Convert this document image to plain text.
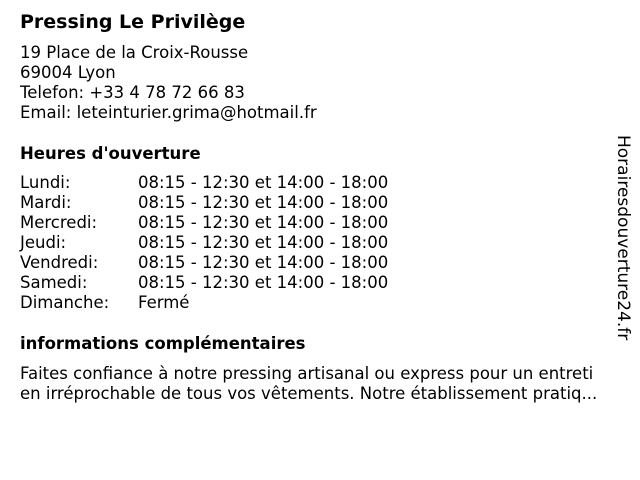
Pressing Le Privilège
19 Place de la Croix-Rousse
69004 Lyon
Telefon: +33 4 78 72 66 83
Email: leteinturier.grima@hotmail.fr
Heures d'ouverture
Lundi:	08:15 - 12:30 et 14:00 - 18:00
Mardi:	08:15 - 12:30 et 14:00 - 18:00
Mercredi:	08:15 - 12:30 et 14:00 - 18:00
Jeudi:	08:15 - 12:30 et 14:00 - 18:00
Vendredi:	08:15 - 12:30 et 14:00 - 18:00
Samedi:	08:15 - 12:30 et 14:00 - 18:00
Dimanche:	Fermé
informations complémentaires
Faites confiance à notre pressing artisanal ou express pour un entreti
en irréprochable de tous vos vêtements. Notre établissement pratiq...
Horairesdouverture24.fr
